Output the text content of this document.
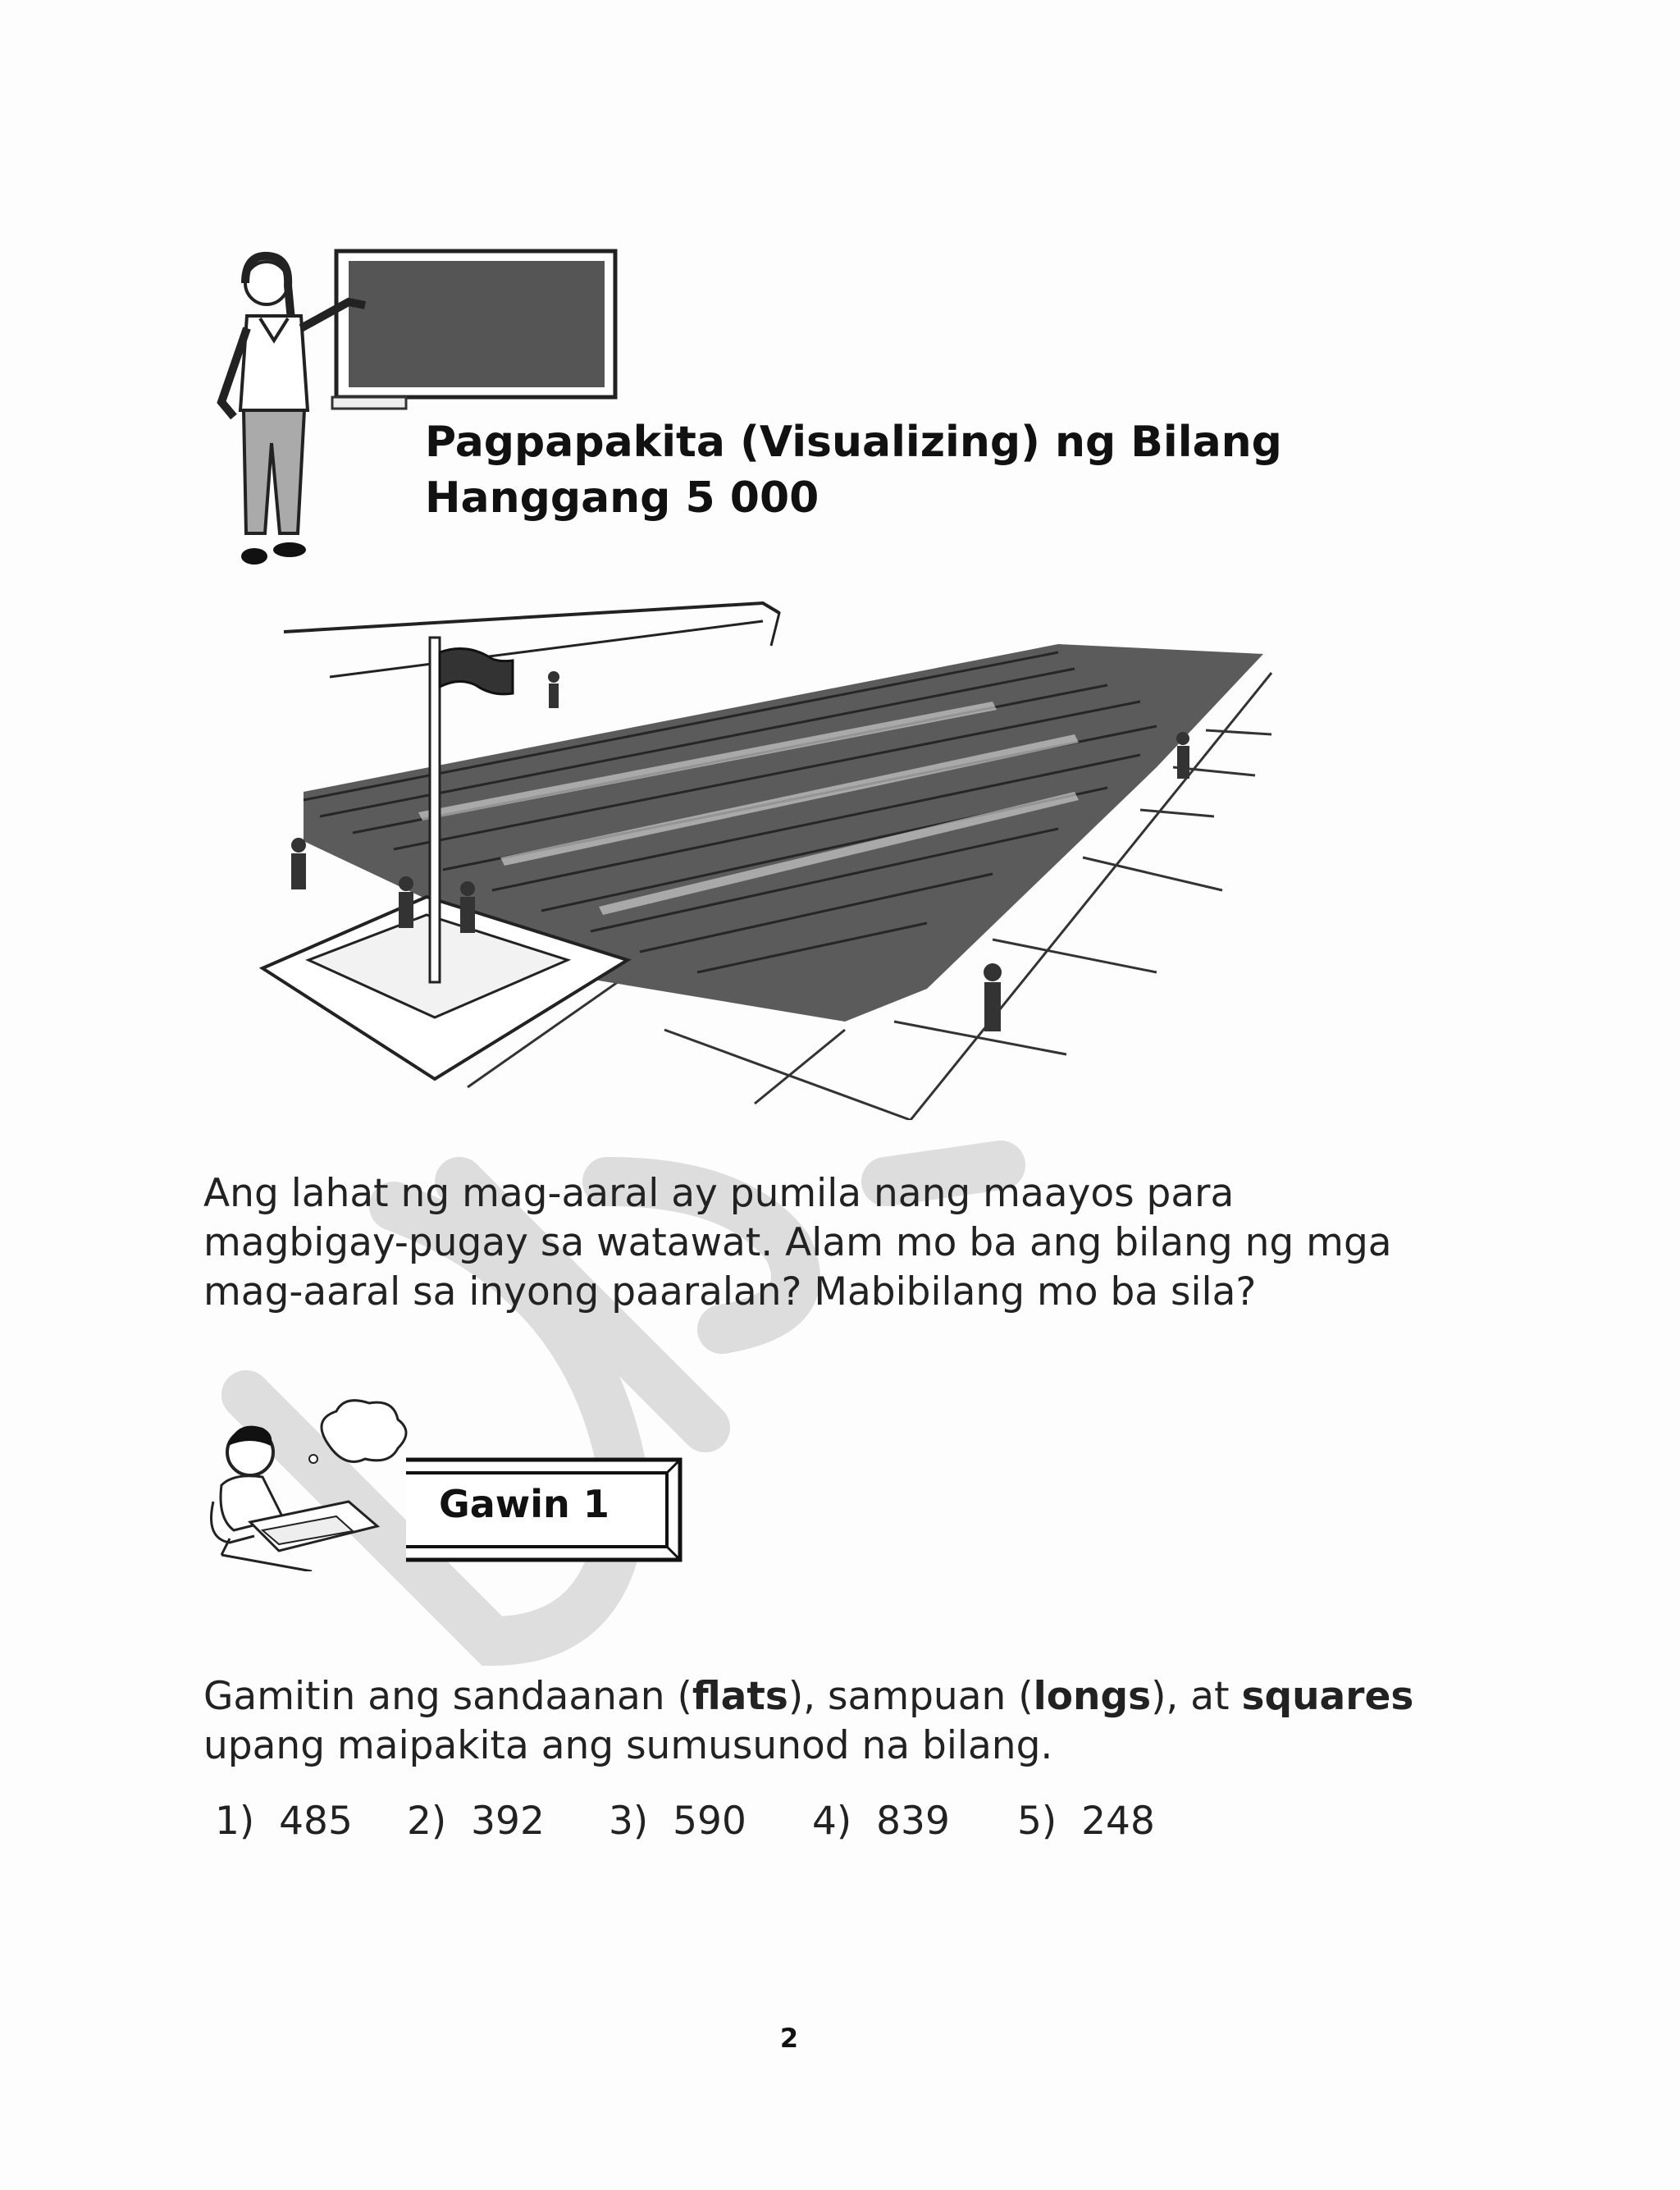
Pagpapakita (Visualizing) ng Bilang
Hanggang 5 000
Ang lahat ng mag-aaral ay pumila nang maayos para magbigay-pugay sa watawat. Alam mo ba ang bilang ng mga mag-aaral sa inyong paaralan? Mabibilang mo ba sila?
Gawin 1
Gamitin ang sandaanan (flats), sampuan (longs), at squares upang maipakita ang sumusunod na bilang.
1) 485 2) 392 3) 590 4) 839 5) 248
2
